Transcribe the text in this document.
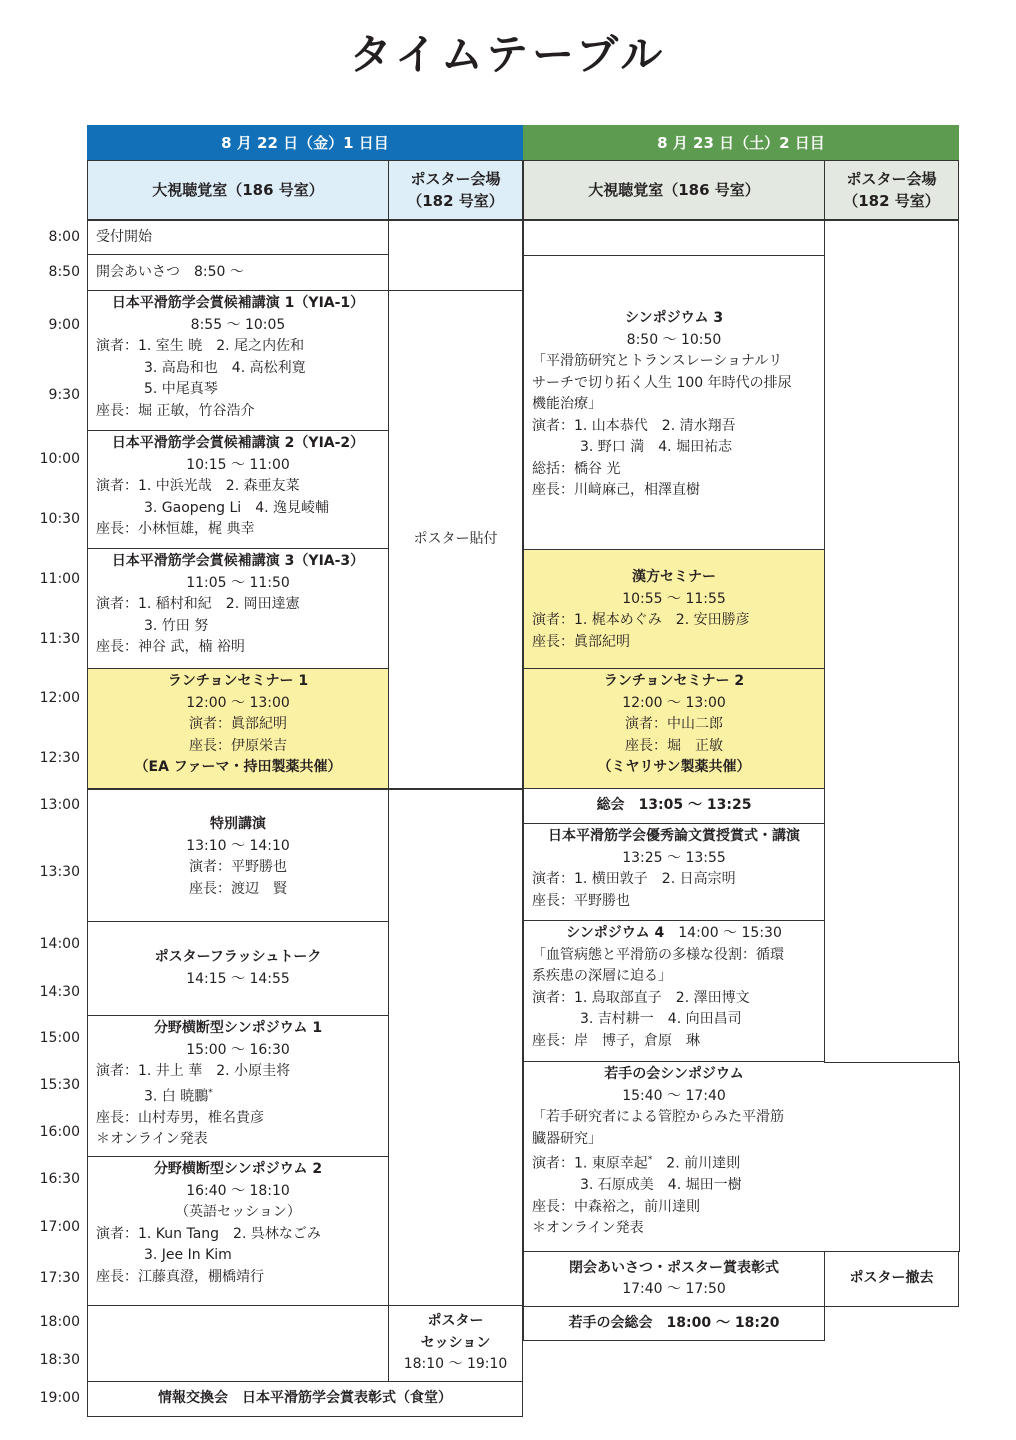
タイムテーブル
8:00
8:50
9:00
9:30
10:00
10:30
11:00
11:30
12:00
12:30
13:00
13:30
14:00
14:30
15:00
15:30
16:00
16:30
17:00
17:30
18:00
18:30
19:00
8 月 22 日（金）1 日目
大視聴覚室（186 号室）
ポスター会場
（182 号室）
受付開始
開会あいさつ　8:50 〜
日本平滑筋学会賞候補講演 1（YIA-1）
8:55 〜 10:05
演者：1. 室生 暁　2. 尾之内佐和
3. 高島和也　4. 高松利寛
5. 中尾真琴
座長：堀 正敏，竹谷浩介
日本平滑筋学会賞候補講演 2（YIA-2）
10:15 〜 11:00
演者：1. 中浜光哉　2. 森亜友菜
3. Gaopeng Li　4. 逸見崚輔
座長：小林恒雄，梶 典幸
日本平滑筋学会賞候補講演 3（YIA-3）
11:05 〜 11:50
演者：1. 稲村和紀　2. 岡田達憲
3. 竹田 努
座長：神谷 武，楠 裕明
ランチョンセミナー 1
12:00 〜 13:00
演者：眞部紀明
座長：伊原栄吉
（EA ファーマ・持田製薬共催）
ポスター貼付
特別講演
13:10 〜 14:10
演者：平野勝也
座長：渡辺　賢
ポスターフラッシュトーク
14:15 〜 14:55
分野横断型シンポジウム 1
15:00 〜 16:30
演者：1. 井上 華　2. 小原圭将
3. 白 暁鵬*
座長：山村寿男，椎名貴彦
＊オンライン発表
分野横断型シンポジウム 2
16:40 〜 18:10
（英語セッション）
演者：1. Kun Tang　2. 呉林なごみ
3. Jee In Kim
座長：江藤真澄，棚橋靖行
ポスター
セッション
18:10 〜 19:10
情報交換会　日本平滑筋学会賞表彰式（食堂）
8 月 23 日（土）2 日目
大視聴覚室（186 号室）
ポスター会場
（182 号室）
シンポジウム 3
8:50 〜 10:50
「平滑筋研究とトランスレーショナルリ
サーチで切り拓く人生 100 年時代の排尿
機能治療」
演者：1. 山本恭代　2. 清水翔吾
3. 野口 満　4. 堀田祐志
総括：橋谷 光
座長：川﨑麻己，相澤直樹
漢方セミナー
10:55 〜 11:55
演者：1. 梶本めぐみ　2. 安田勝彦
座長：眞部紀明
ランチョンセミナー 2
12:00 〜 13:00
演者：中山二郎
座長：堀　正敏
（ミヤリサン製薬共催）
総会　13:05 〜 13:25
日本平滑筋学会優秀論文賞授賞式・講演
13:25 〜 13:55
演者：1. 横田敦子　2. 日高宗明
座長：平野勝也
シンポジウム 4　 14:00 〜 15:30
「血管病態と平滑筋の多様な役割：循環
系疾患の深層に迫る」
演者：1. 鳥取部直子　2. 澤田博文
3. 吉村耕一　4. 向田昌司
座長：岸　博子，倉原　琳
若手の会シンポジウム
15:40 〜 17:40
「若手研究者による管腔からみた平滑筋
臓器研究」
演者：1. 東原幸起*　2. 前川達則
3. 石原成美　4. 堀田一樹
座長：中森裕之，前川達則
＊オンライン発表
閉会あいさつ・ポスター賞表彰式
17:40 〜 17:50
ポスター撤去
若手の会総会　18:00 〜 18:20
